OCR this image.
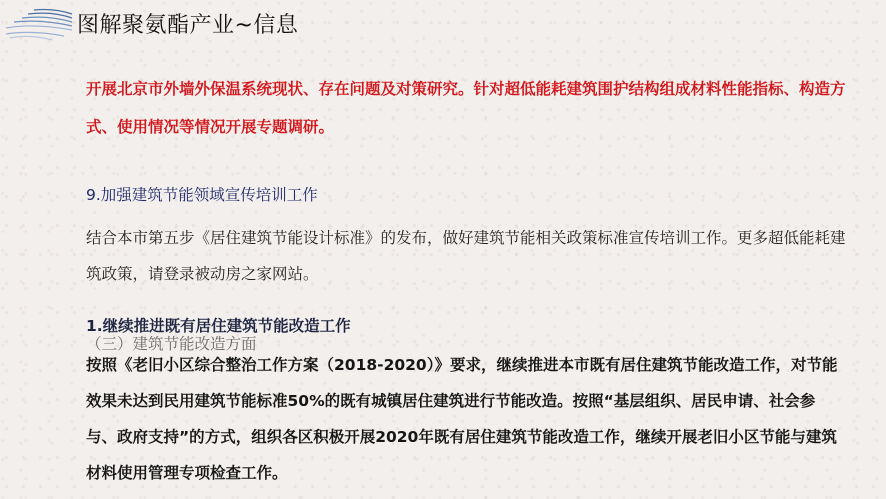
图解聚氨酯产业~信息
开展北京市外墙外保温系统现状、存在问题及对策研究。针对超低能耗建筑围护结构组成材料性能指标、构造方式、使用情况等情况开展专题调研。
9.加强建筑节能领域宣传培训工作
结合本市第五步《居住建筑节能设计标准》的发布，做好建筑节能相关政策标准宣传培训工作。更多超低能耗建筑政策，请登录被动房之家网站。
1.继续推进既有居住建筑节能改造工作
（三）建筑节能改造方面
按照《老旧小区综合整治工作方案（2018-2020）》要求，继续推进本市既有居住建筑节能改造工作，对节能效果未达到民用建筑节能标准50%的既有城镇居住建筑进行节能改造。按照“基层组织、居民申请、社会参与、政府支持”的方式，组织各区积极开展2020年既有居住建筑节能改造工作，继续开展老旧小区节能与建筑材料使用管理专项检查工作。
